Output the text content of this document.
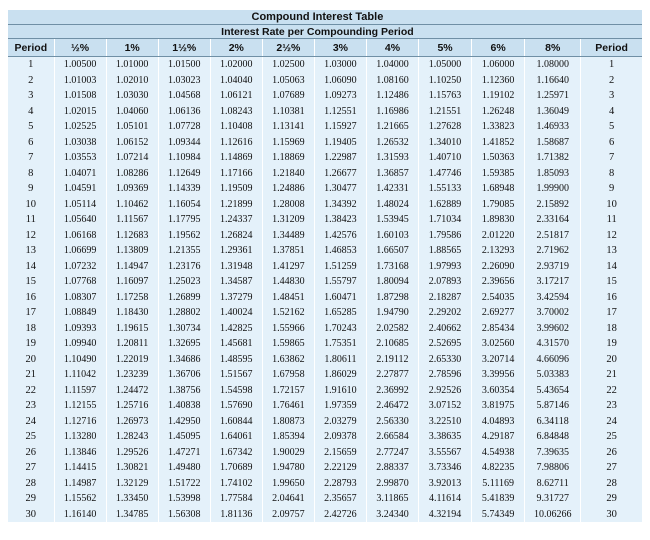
	Compound Interest Table										
	Interest Rate per Compounding Period										
Period	½%	1%	1½%	2%	2½%	3%	4%	5%	6%	8%	Period
1	1.00500	1.01000	1.01500	1.02000	1.02500	1.03000	1.04000	1.05000	1.06000	1.08000	1
2	1.01003	1.02010	1.03023	1.04040	1.05063	1.06090	1.08160	1.10250	1.12360	1.16640	2
3	1.01508	1.03030	1.04568	1.06121	1.07689	1.09273	1.12486	1.15763	1.19102	1.25971	3
4	1.02015	1.04060	1.06136	1.08243	1.10381	1.12551	1.16986	1.21551	1.26248	1.36049	4
5	1.02525	1.05101	1.07728	1.10408	1.13141	1.15927	1.21665	1.27628	1.33823	1.46933	5
6	1.03038	1.06152	1.09344	1.12616	1.15969	1.19405	1.26532	1.34010	1.41852	1.58687	6
7	1.03553	1.07214	1.10984	1.14869	1.18869	1.22987	1.31593	1.40710	1.50363	1.71382	7
8	1.04071	1.08286	1.12649	1.17166	1.21840	1.26677	1.36857	1.47746	1.59385	1.85093	8
9	1.04591	1.09369	1.14339	1.19509	1.24886	1.30477	1.42331	1.55133	1.68948	1.99900	9
10	1.05114	1.10462	1.16054	1.21899	1.28008	1.34392	1.48024	1.62889	1.79085	2.15892	10
11	1.05640	1.11567	1.17795	1.24337	1.31209	1.38423	1.53945	1.71034	1.89830	2.33164	11
12	1.06168	1.12683	1.19562	1.26824	1.34489	1.42576	1.60103	1.79586	2.01220	2.51817	12
13	1.06699	1.13809	1.21355	1.29361	1.37851	1.46853	1.66507	1.88565	2.13293	2.71962	13
14	1.07232	1.14947	1.23176	1.31948	1.41297	1.51259	1.73168	1.97993	2.26090	2.93719	14
15	1.07768	1.16097	1.25023	1.34587	1.44830	1.55797	1.80094	2.07893	2.39656	3.17217	15
16	1.08307	1.17258	1.26899	1.37279	1.48451	1.60471	1.87298	2.18287	2.54035	3.42594	16
17	1.08849	1.18430	1.28802	1.40024	1.52162	1.65285	1.94790	2.29202	2.69277	3.70002	17
18	1.09393	1.19615	1.30734	1.42825	1.55966	1.70243	2.02582	2.40662	2.85434	3.99602	18
19	1.09940	1.20811	1.32695	1.45681	1.59865	1.75351	2.10685	2.52695	3.02560	4.31570	19
20	1.10490	1.22019	1.34686	1.48595	1.63862	1.80611	2.19112	2.65330	3.20714	4.66096	20
21	1.11042	1.23239	1.36706	1.51567	1.67958	1.86029	2.27877	2.78596	3.39956	5.03383	21
22	1.11597	1.24472	1.38756	1.54598	1.72157	1.91610	2.36992	2.92526	3.60354	5.43654	22
23	1.12155	1.25716	1.40838	1.57690	1.76461	1.97359	2.46472	3.07152	3.81975	5.87146	23
24	1.12716	1.26973	1.42950	1.60844	1.80873	2.03279	2.56330	3.22510	4.04893	6.34118	24
25	1.13280	1.28243	1.45095	1.64061	1.85394	2.09378	2.66584	3.38635	4.29187	6.84848	25
26	1.13846	1.29526	1.47271	1.67342	1.90029	2.15659	2.77247	3.55567	4.54938	7.39635	26
27	1.14415	1.30821	1.49480	1.70689	1.94780	2.22129	2.88337	3.73346	4.82235	7.98806	27
28	1.14987	1.32129	1.51722	1.74102	1.99650	2.28793	2.99870	3.92013	5.11169	8.62711	28
29	1.15562	1.33450	1.53998	1.77584	2.04641	2.35657	3.11865	4.11614	5.41839	9.31727	29
30	1.16140	1.34785	1.56308	1.81136	2.09757	2.42726	3.24340	4.32194	5.74349	10.06266	30
